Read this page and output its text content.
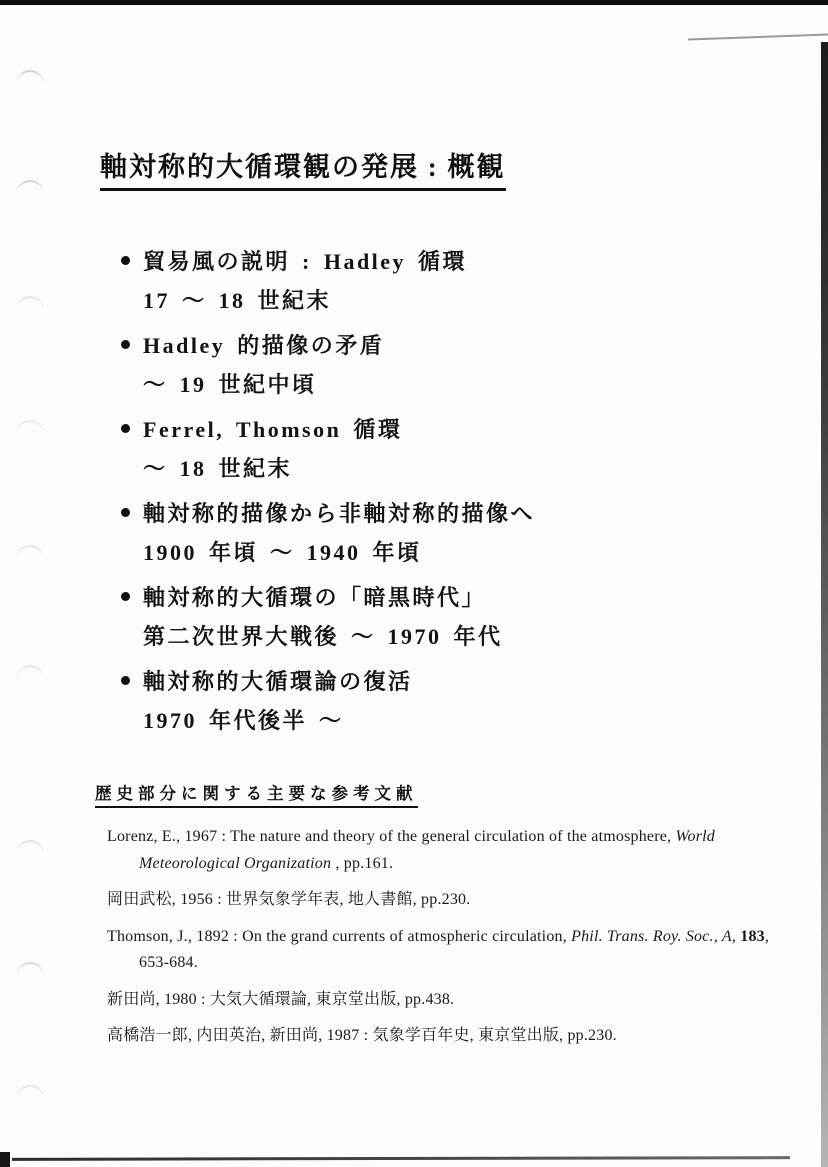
軸対称的大循環観の発展 : 概観
貿易風の説明 : Hadley 循環
17 ～ 18 世紀末
Hadley 的描像の矛盾
～ 19 世紀中頃
Ferrel, Thomson 循環
～ 18 世紀末
軸対称的描像から非軸対称的描像へ
1900 年頃 ～ 1940 年頃
軸対称的大循環の「暗黒時代」
第二次世界大戦後 ～ 1970 年代
軸対称的大循環論の復活
1970 年代後半 ～
歴史部分に関する主要な参考文献

Lorenz, E., 1967 : The nature and theory of the general circulation of the atmosphere, World Meteorological Organization , pp.161.

岡田武松, 1956 : 世界気象学年表, 地人書館, pp.230.

Thomson, J., 1892 : On the grand currents of atmospheric circulation, Phil. Trans. Roy. Soc., A, 183, 653-684.

新田尚, 1980 : 大気大循環論, 東京堂出版, pp.438.

高橋浩一郎, 内田英治, 新田尚, 1987 : 気象学百年史, 東京堂出版, pp.230.
